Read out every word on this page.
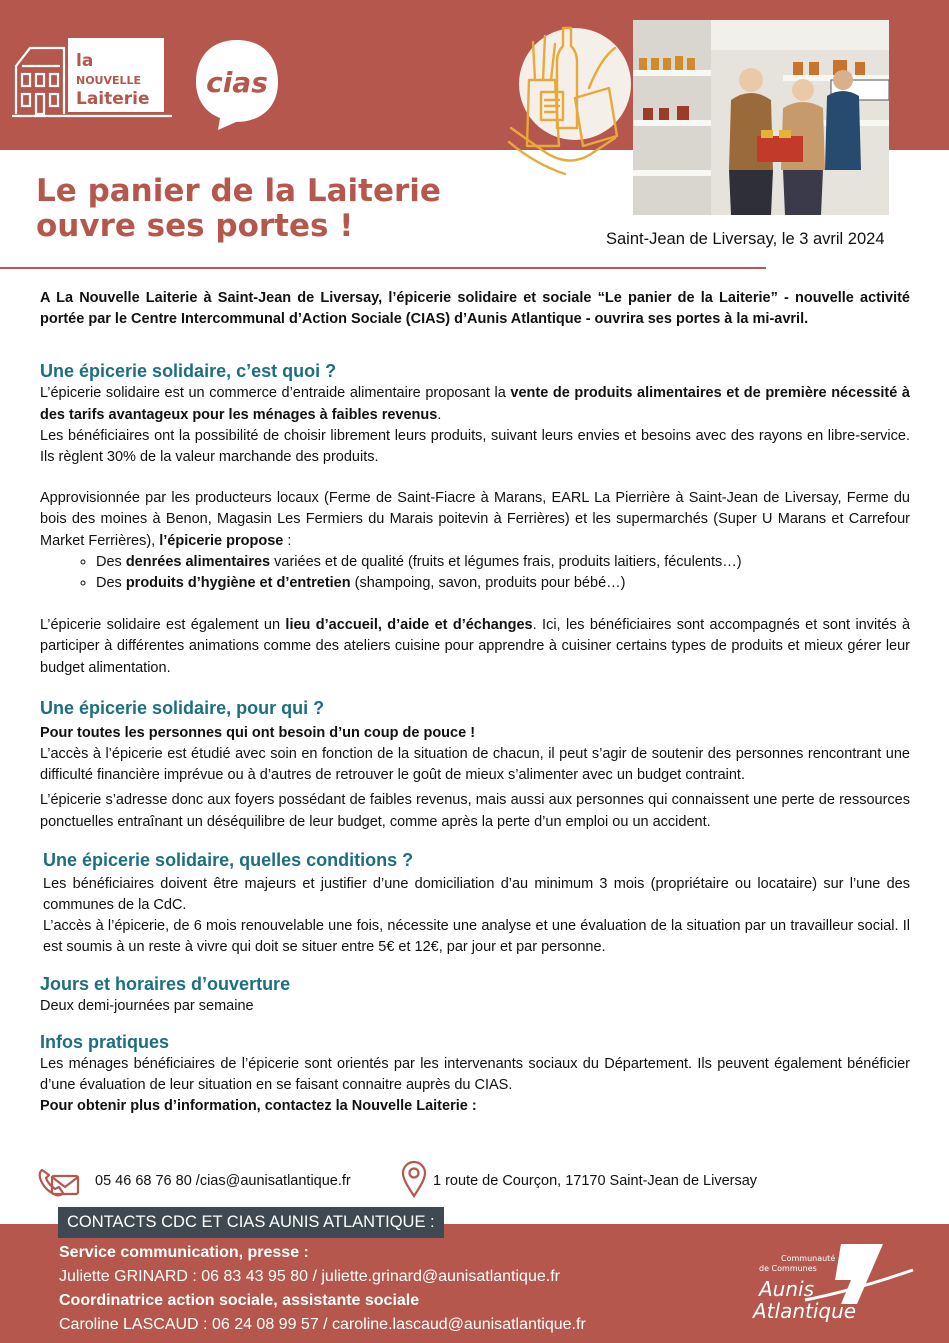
la
NOUVELLE
Laiterie cias
Le panier de la Laiterie
ouvre ses portes !	Saint-Jean de Liversay, le 3 avril 2024

A La Nouvelle Laiterie à Saint-Jean de Liversay, l’épicerie solidaire et sociale “Le panier de la Laiterie” - nouvelle activité portée par le Centre Intercommunal d’Action Sociale (CIAS) d’Aunis Atlantique - ouvrira ses portes à la mi-avril.

Une épicerie solidaire, c’est quoi ?

L’épicerie solidaire est un commerce d’entraide alimentaire proposant la vente de produits alimentaires et de première nécessité à des tarifs avantageux pour les ménages à faibles revenus.

Les bénéficiaires ont la possibilité de choisir librement leurs produits, suivant leurs envies et besoins avec des rayons en libre-service. Ils règlent 30% de la valeur marchande des produits.

Approvisionnée par les producteurs locaux (Ferme de Saint-Fiacre à Marans, EARL La Pierrière à Saint-Jean de Liversay, Ferme du bois des moines à Benon, Magasin Les Fermiers du Marais poitevin à Ferrières) et les supermarchés (Super U Marans et Carrefour Market Ferrières), l’épicerie propose :

◦ Des denrées alimentaires variées et de qualité (fruits et légumes frais, produits laitiers, féculents…)
◦ Des produits d’hygiène et d’entretien (shampoing, savon, produits pour bébé…)

L’épicerie solidaire est également un lieu d’accueil, d’aide et d’échanges. Ici, les bénéficiaires sont accompagnés et sont invités à participer à différentes animations comme des ateliers cuisine pour apprendre à cuisiner certains types de produits et mieux gérer leur budget alimentation.

Une épicerie solidaire, pour qui ?

Pour toutes les personnes qui ont besoin d’un coup de pouce !

L’accès à l’épicerie est étudié avec soin en fonction de la situation de chacun, il peut s’agir de soutenir des personnes rencontrant une difficulté financière imprévue ou à d’autres de retrouver le goût de mieux s’alimenter avec un budget contraint.

L’épicerie s’adresse donc aux foyers possédant de faibles revenus, mais aussi aux personnes qui connaissent une perte de ressources ponctuelles entraînant un déséquilibre de leur budget, comme après la perte d’un emploi ou un accident.

Une épicerie solidaire, quelles conditions ?

Les bénéficiaires doivent être majeurs et justifier d’une domiciliation d’au minimum 3 mois (propriétaire ou locataire) sur l’une des communes de la CdC.

L’accès à l’épicerie, de 6 mois renouvelable une fois, nécessite une analyse et une évaluation de la situation par un travailleur social. Il est soumis à un reste à vivre qui doit se situer entre 5€ et 12€, par jour et par personne.

Jours et horaires d’ouverture

Deux demi-journées par semaine

Infos pratiques

Les ménages bénéficiaires de l’épicerie sont orientés par les intervenants sociaux du Département. Ils peuvent également bénéficier d’une évaluation de leur situation en se faisant connaitre auprès du CIAS.

Pour obtenir plus d’information, contactez la Nouvelle Laiterie :

05 46 68 76 80 /cias@aunisatlantique.fr	1 route de Courçon, 17170 Saint-Jean de Liversay
CONTACTS CDC ET CIAS AUNIS ATLANTIQUE :
Service communication, presse :
Juliette GRINARD : 06 83 43 95 80 / juliette.grinard@aunisatlantique.fr
Coordinatrice action sociale, assistante sociale
Caroline LASCAUD : 06 24 08 99 57 / caroline.lascaud@aunisatlantique.fr
Communauté
de Communes
Aunis
Atlantique
